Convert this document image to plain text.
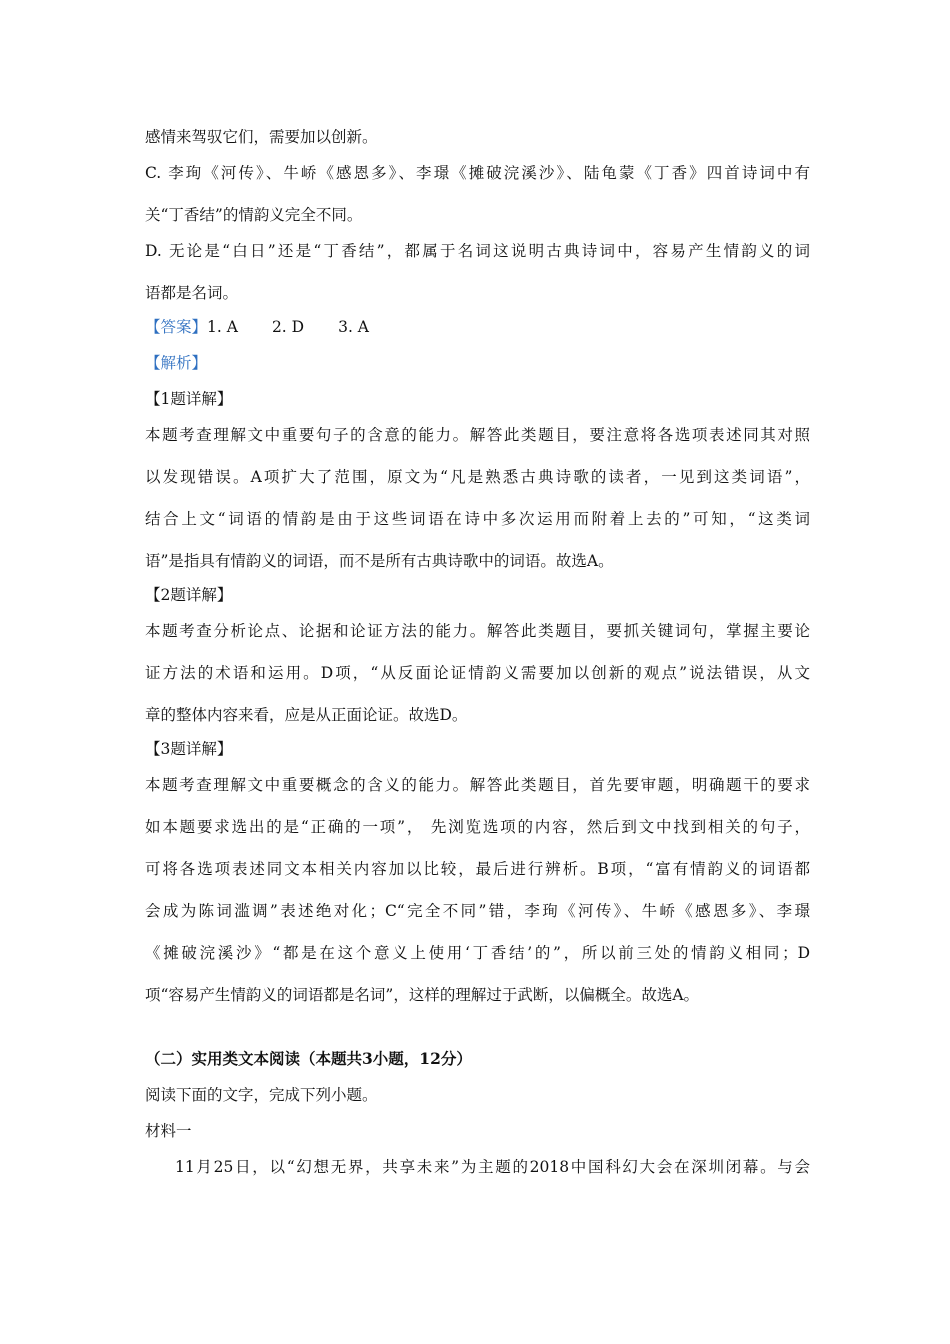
感情来驾驭它们，需要加以创新。
C. 李珣《河传》、牛峤《感恩多》、李璟《摊破浣溪沙》、陆龟蒙《丁香》四首诗词中有
关“丁香结”的情韵义完全不同。
D. 无论是“白日”还是“丁香结”，都属于名词这说明古典诗词中，容易产生情韵义的词
语都是名词。
【答案】1. A 2. D 3. A
【解析】
【1题详解】
本题考查理解文中重要句子的含意的能力。解答此类题目，要注意将各选项表述同其对照
以发现错误。A项扩大了范围，原文为“凡是熟悉古典诗歌的读者，一见到这类词语”，
结合上文“词语的情韵是由于这些词语在诗中多次运用而附着上去的”可知，“这类词
语”是指具有情韵义的词语，而不是所有古典诗歌中的词语。故选A。
【2题详解】
本题考查分析论点、论据和论证方法的能力。解答此类题目，要抓关键词句，掌握主要论
证方法的术语和运用。D项，“从反面论证情韵义需要加以创新的观点”说法错误，从文
章的整体内容来看，应是从正面论证。故选D。
【3题详解】
本题考查理解文中重要概念的含义的能力。解答此类题目，首先要审题，明确题干的要求
如本题要求选出的是“正确的一项”， 先浏览选项的内容，然后到文中找到相关的句子，
可将各选项表述同文本相关内容加以比较，最后进行辨析。B项，“富有情韵义的词语都
会成为陈词滥调”表述绝对化；C“完全不同”错，李珣《河传》、牛峤《感恩多》、李璟
《摊破浣溪沙》“都是在这个意义上使用‘丁香结’的”，所以前三处的情韵义相同；D
项“容易产生情韵义的词语都是名词”，这样的理解过于武断，以偏概全。故选A。
（二）实用类文本阅读（本题共3小题，12分）
阅读下面的文字，完成下列小题。
材料一
11月25日，以“幻想无界，共享未来”为主题的2018中国科幻大会在深圳闭幕。与会
